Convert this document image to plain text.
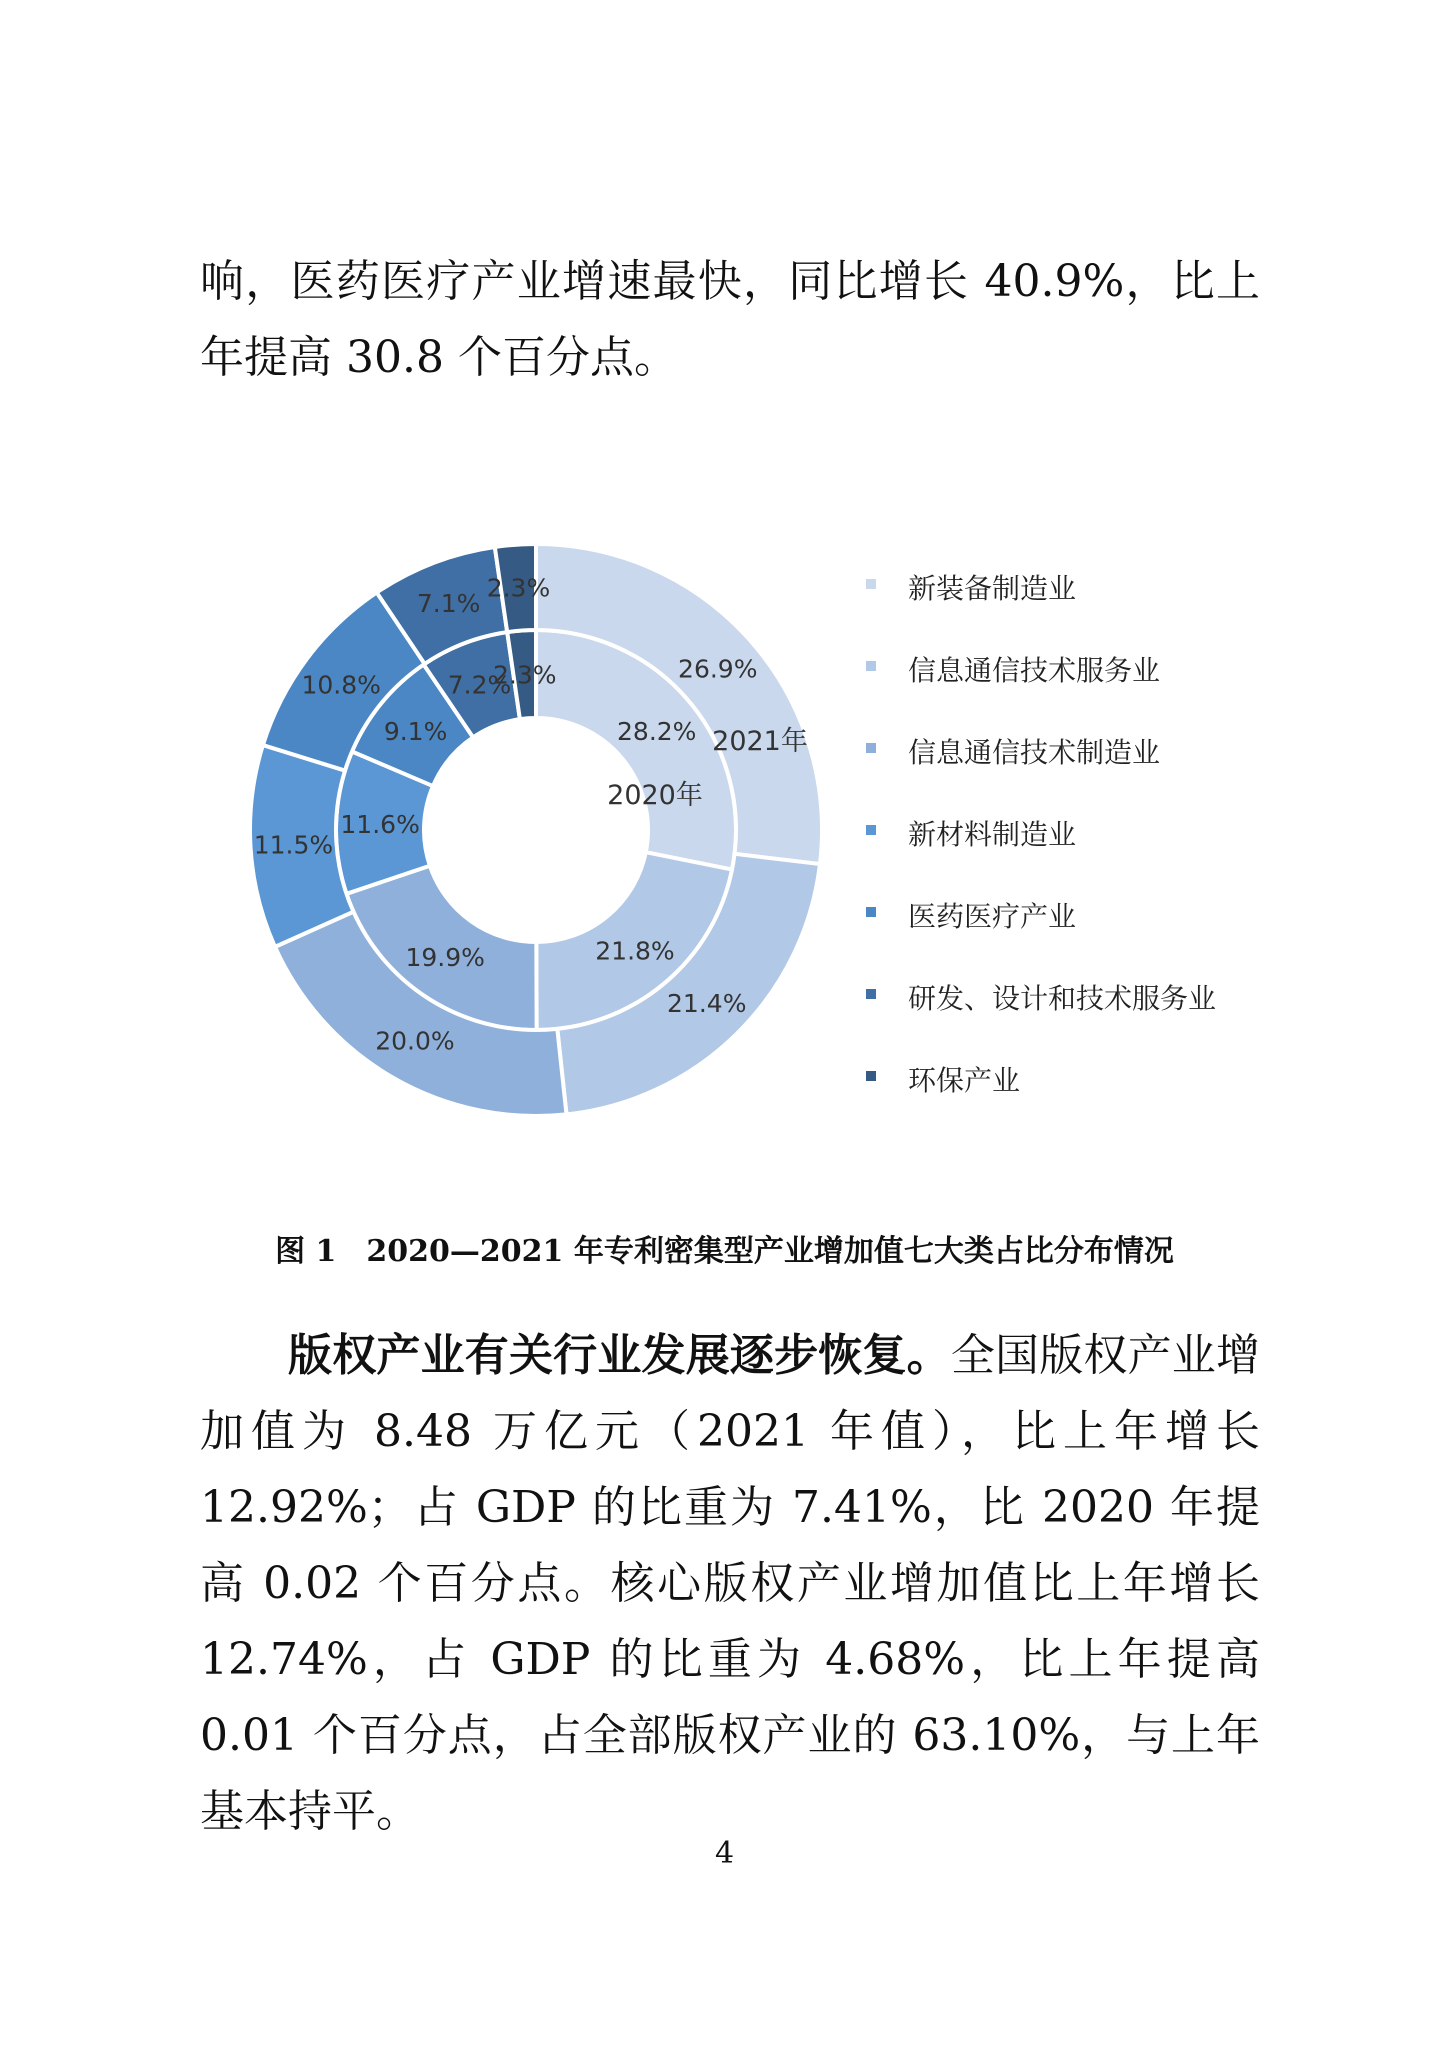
响，医药医疗产业增速最快，同比增长 40.9%，比上年提高 30.8 个百分点。
28.2%
21.8%
19.9%
11.6%
9.1%
7.2%
2.3%	26.9%
21.4%
20.0%
11.5%
10.8%
7.1%
2.3%
2020年
2021年
新装备制造业
信息通信技术服务业
信息通信技术制造业
新材料制造业
医药医疗产业
研发、设计和技术服务业
环保产业
图 1　2020—2021 年专利密集型产业增加值七大类占比分布情况
版权产业有关行业发展逐步恢复。全国版权产业增加值为 8.48 万亿元（2021 年值），比上年增长 12.92%；占 GDP 的比重为 7.41%，比 2020 年提高 0.02 个百分点。核心版权产业增加值比上年增长 12.74%，占 GDP 的比重为 4.68%，比上年提高 0.01 个百分点，占全部版权产业的 63.10%，与上年基本持平。
4
